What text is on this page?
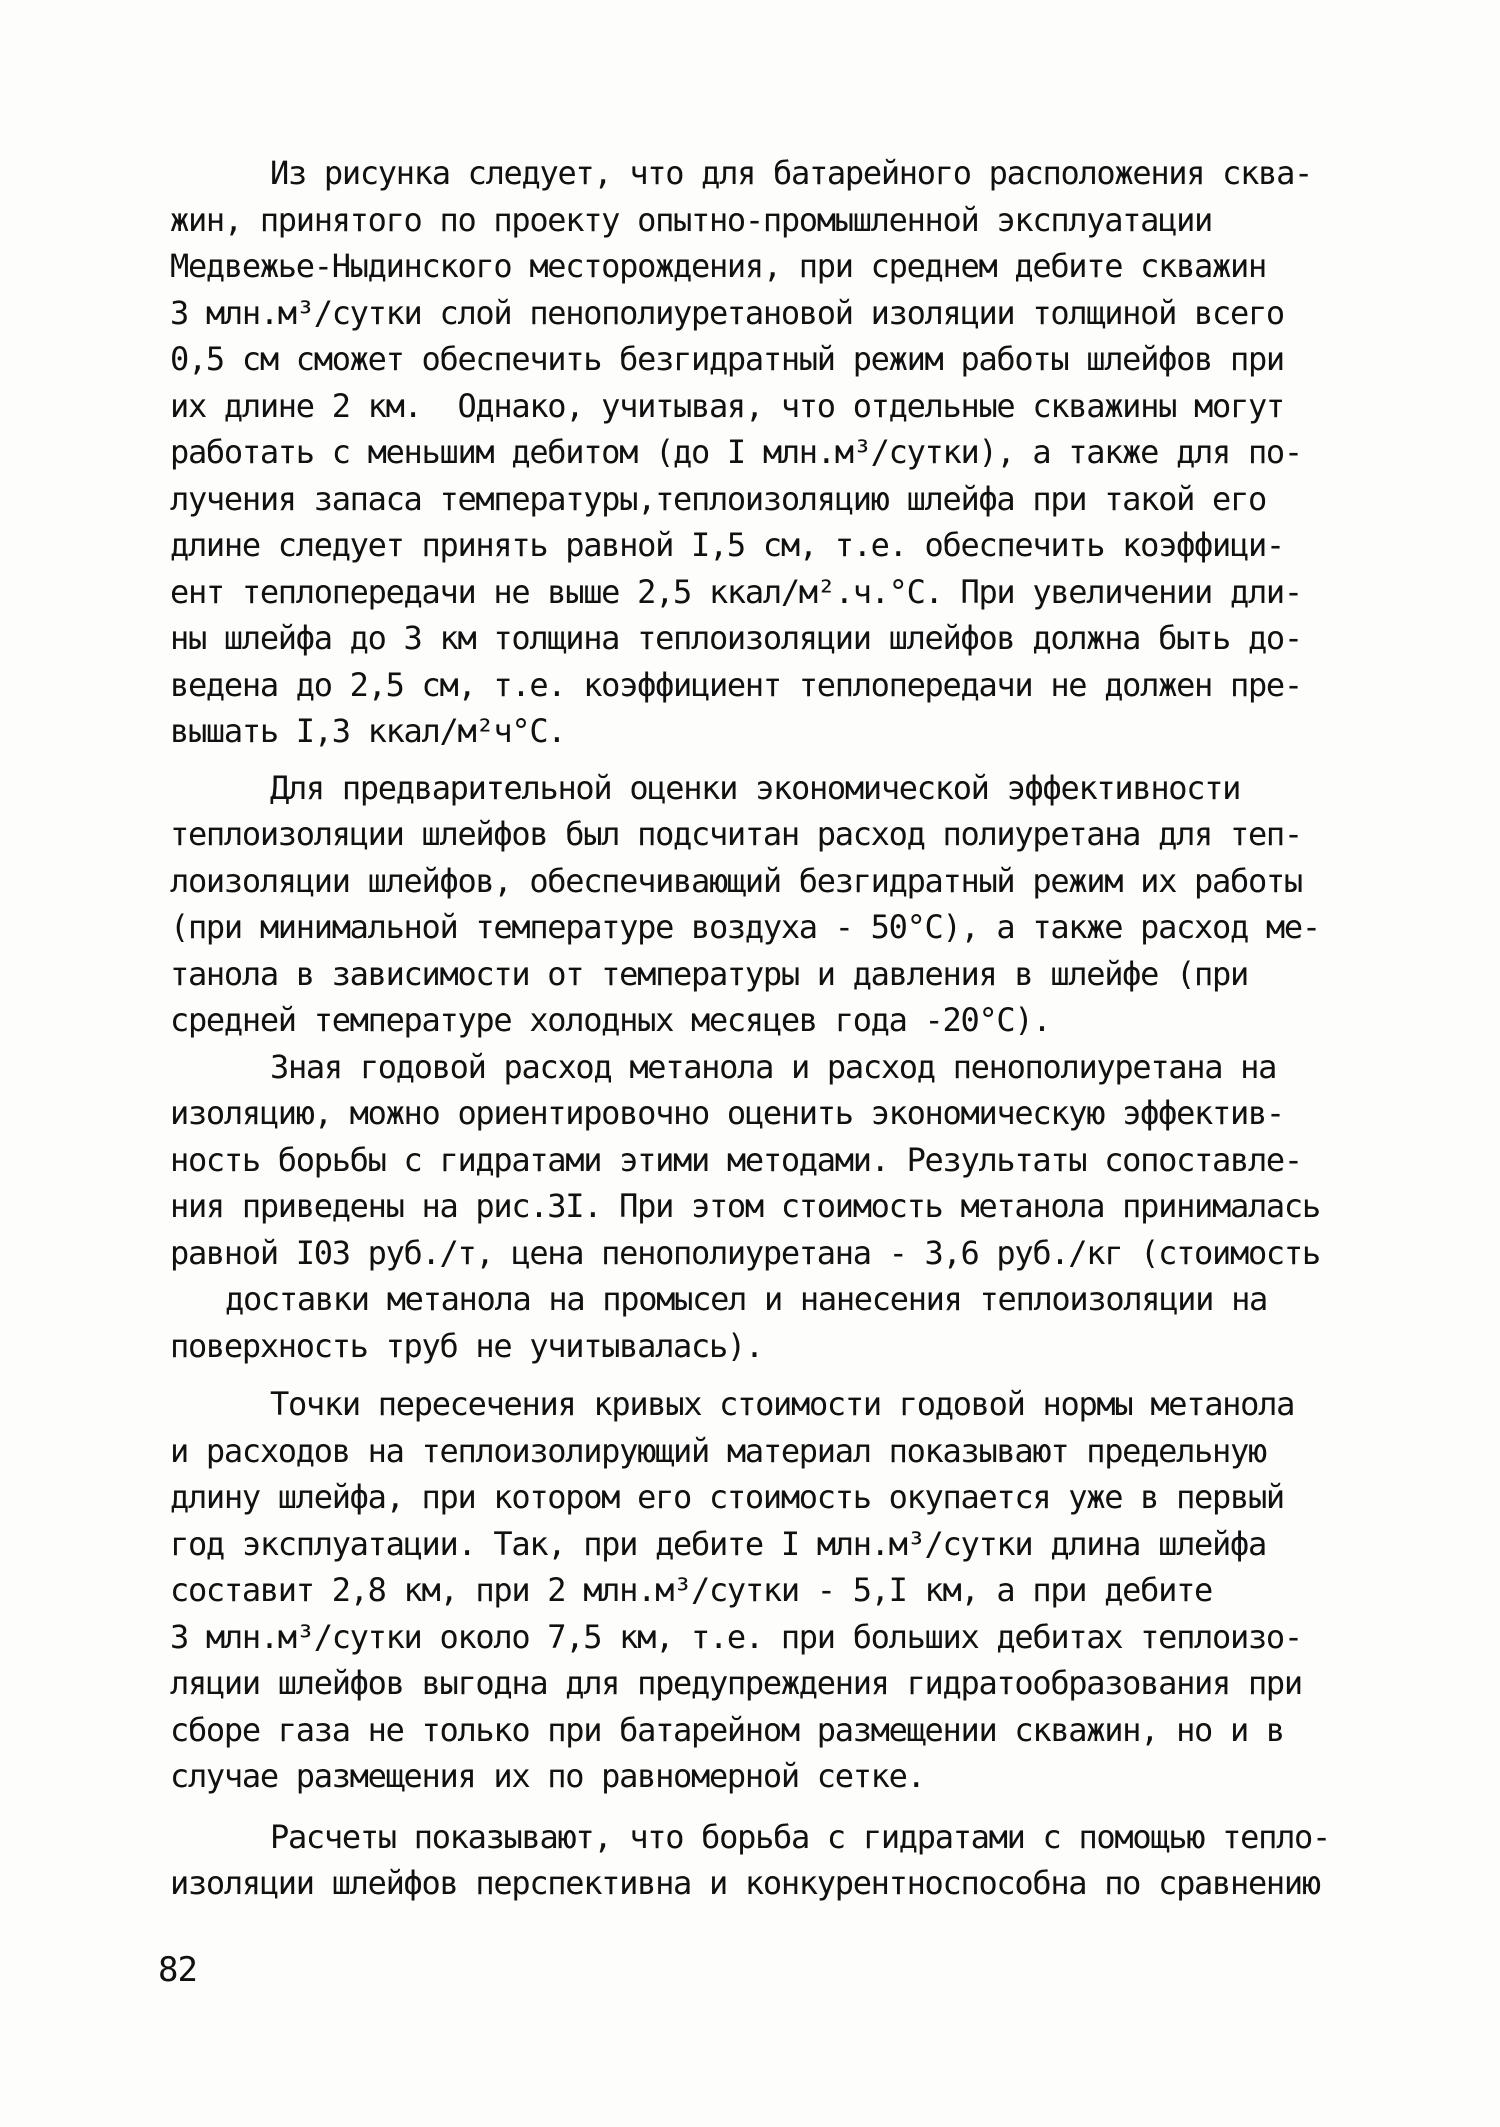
Из рисунка следует, что для батарейного расположения сква-
жин, принятого по проекту опытно-промышленной эксплуатации
Медвежье-Ныдинского месторождения, при среднем дебите скважин
3 млн.м³/сутки слой пенополиуретановой изоляции толщиной всего
0,5 см сможет обеспечить безгидратный режим работы шлейфов при
их длине 2 км.  Однако, учитывая, что отдельные скважины могут
работать с меньшим дебитом (до I млн.м³/сутки), а также для по-
лучения запаса температуры,теплоизоляцию шлейфа при такой его
длине следует принять равной I,5 см, т.е. обеспечить коэффици-
ент теплопередачи не выше 2,5 ккал/м².ч.°С. При увеличении дли-
ны шлейфа до 3 км толщина теплоизоляции шлейфов должна быть до-
ведена до 2,5 см, т.е. коэффициент теплопередачи не должен пре-
вышать I,3 ккал/м²ч°С.
Для предварительной оценки экономической эффективности
теплоизоляции шлейфов был подсчитан расход полиуретана для теп-
лоизоляции шлейфов, обеспечивающий безгидратный режим их работы
(при минимальной температуре воздуха - 50°С), а также расход ме-
танола в зависимости от температуры и давления в шлейфе (при
средней температуре холодных месяцев года -20°С).
Зная годовой расход метанола и расход пенополиуретана на
изоляцию, можно ориентировочно оценить экономическую эффектив-
ность борьбы с гидратами этими методами. Результаты сопоставле-
ния приведены на рис.3I. При этом стоимость метанола принималась
равной I03 руб./т, цена пенополиуретана - 3,6 руб./кг (стоимость
доставки метанола на промысел и нанесения теплоизоляции на
поверхность труб не учитывалась).
Точки пересечения кривых стоимости годовой нормы метанола
и расходов на теплоизолирующий материал показывают предельную
длину шлейфа, при котором его стоимость окупается уже в первый
год эксплуатации. Так, при дебите I млн.м³/сутки длина шлейфа
составит 2,8 км, при 2 млн.м³/сутки - 5,I км, а при дебите
3 млн.м³/сутки около 7,5 км, т.е. при больших дебитах теплоизо-
ляции шлейфов выгодна для предупреждения гидратообразования при
сборе газа не только при батарейном размещении скважин, но и в
случае размещения их по равномерной сетке.
Расчеты показывают, что борьба с гидратами с помощью тепло-
изоляции шлейфов перспективна и конкурентноспособна по сравнению
82
